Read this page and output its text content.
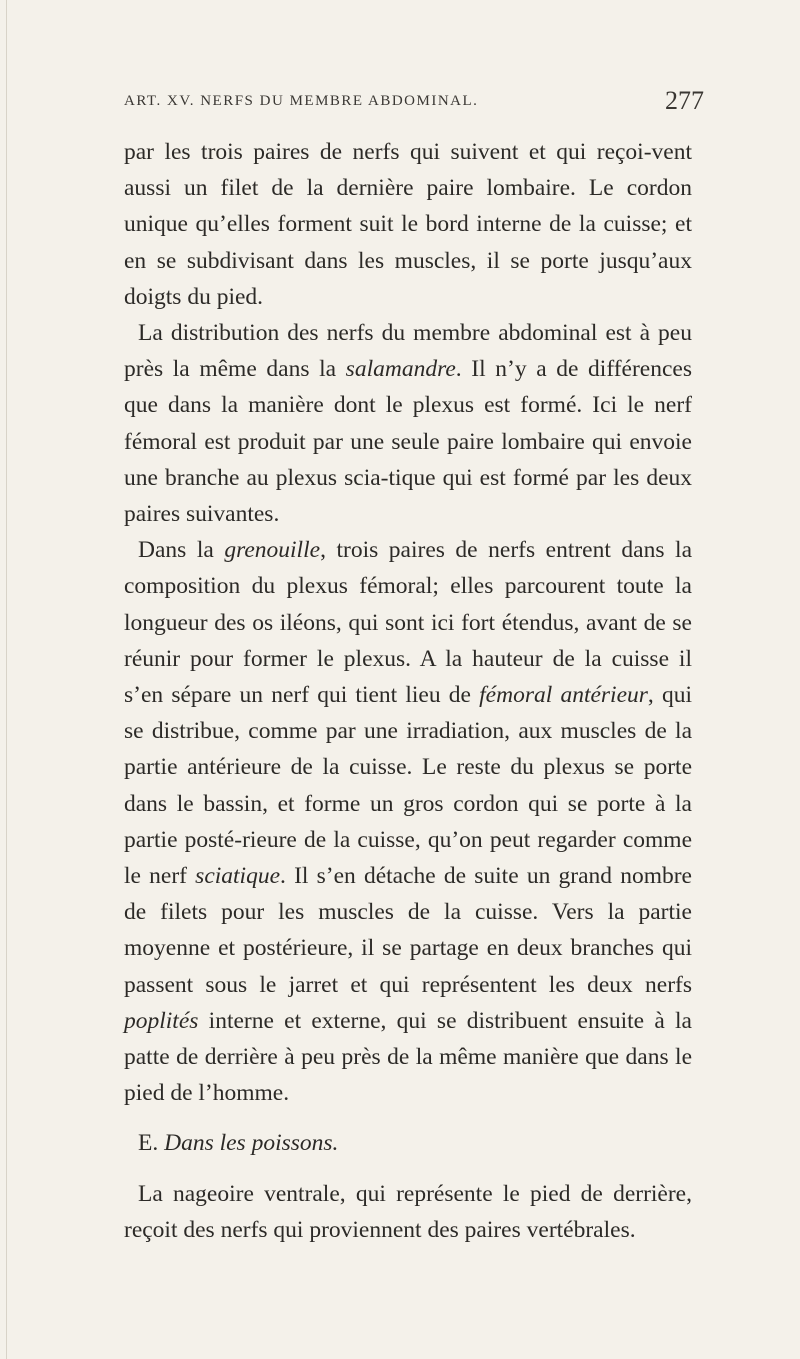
ART. XV. NERFS DU MEMBRE ABDOMINAL.	277

par les trois paires de nerfs qui suivent et qui reçoi-vent aussi un filet de la dernière paire lombaire. Le cordon unique qu’elles forment suit le bord interne de la cuisse; et en se subdivisant dans les muscles, il se porte jusqu’aux doigts du pied.

La distribution des nerfs du membre abdominal est à peu près la même dans la salamandre. Il n’y a de différences que dans la manière dont le plexus est formé. Ici le nerf fémoral est produit par une seule paire lombaire qui envoie une branche au plexus scia-tique qui est formé par les deux paires suivantes.

Dans la grenouille, trois paires de nerfs entrent dans la composition du plexus fémoral; elles parcourent toute la longueur des os iléons, qui sont ici fort étendus, avant de se réunir pour former le plexus. A la hauteur de la cuisse il s’en sépare un nerf qui tient lieu de fémoral antérieur, qui se distribue, comme par une irradiation, aux muscles de la partie antérieure de la cuisse. Le reste du plexus se porte dans le bassin, et forme un gros cordon qui se porte à la partie posté-rieure de la cuisse, qu’on peut regarder comme le nerf sciatique. Il s’en détache de suite un grand nombre de filets pour les muscles de la cuisse. Vers la partie moyenne et postérieure, il se partage en deux branches qui passent sous le jarret et qui représentent les deux nerfs poplités interne et externe, qui se distribuent ensuite à la patte de derrière à peu près de la même manière que dans le pied de l’homme.

E. Dans les poissons.

La nageoire ventrale, qui représente le pied de derrière, reçoit des nerfs qui proviennent des paires vertébrales.
